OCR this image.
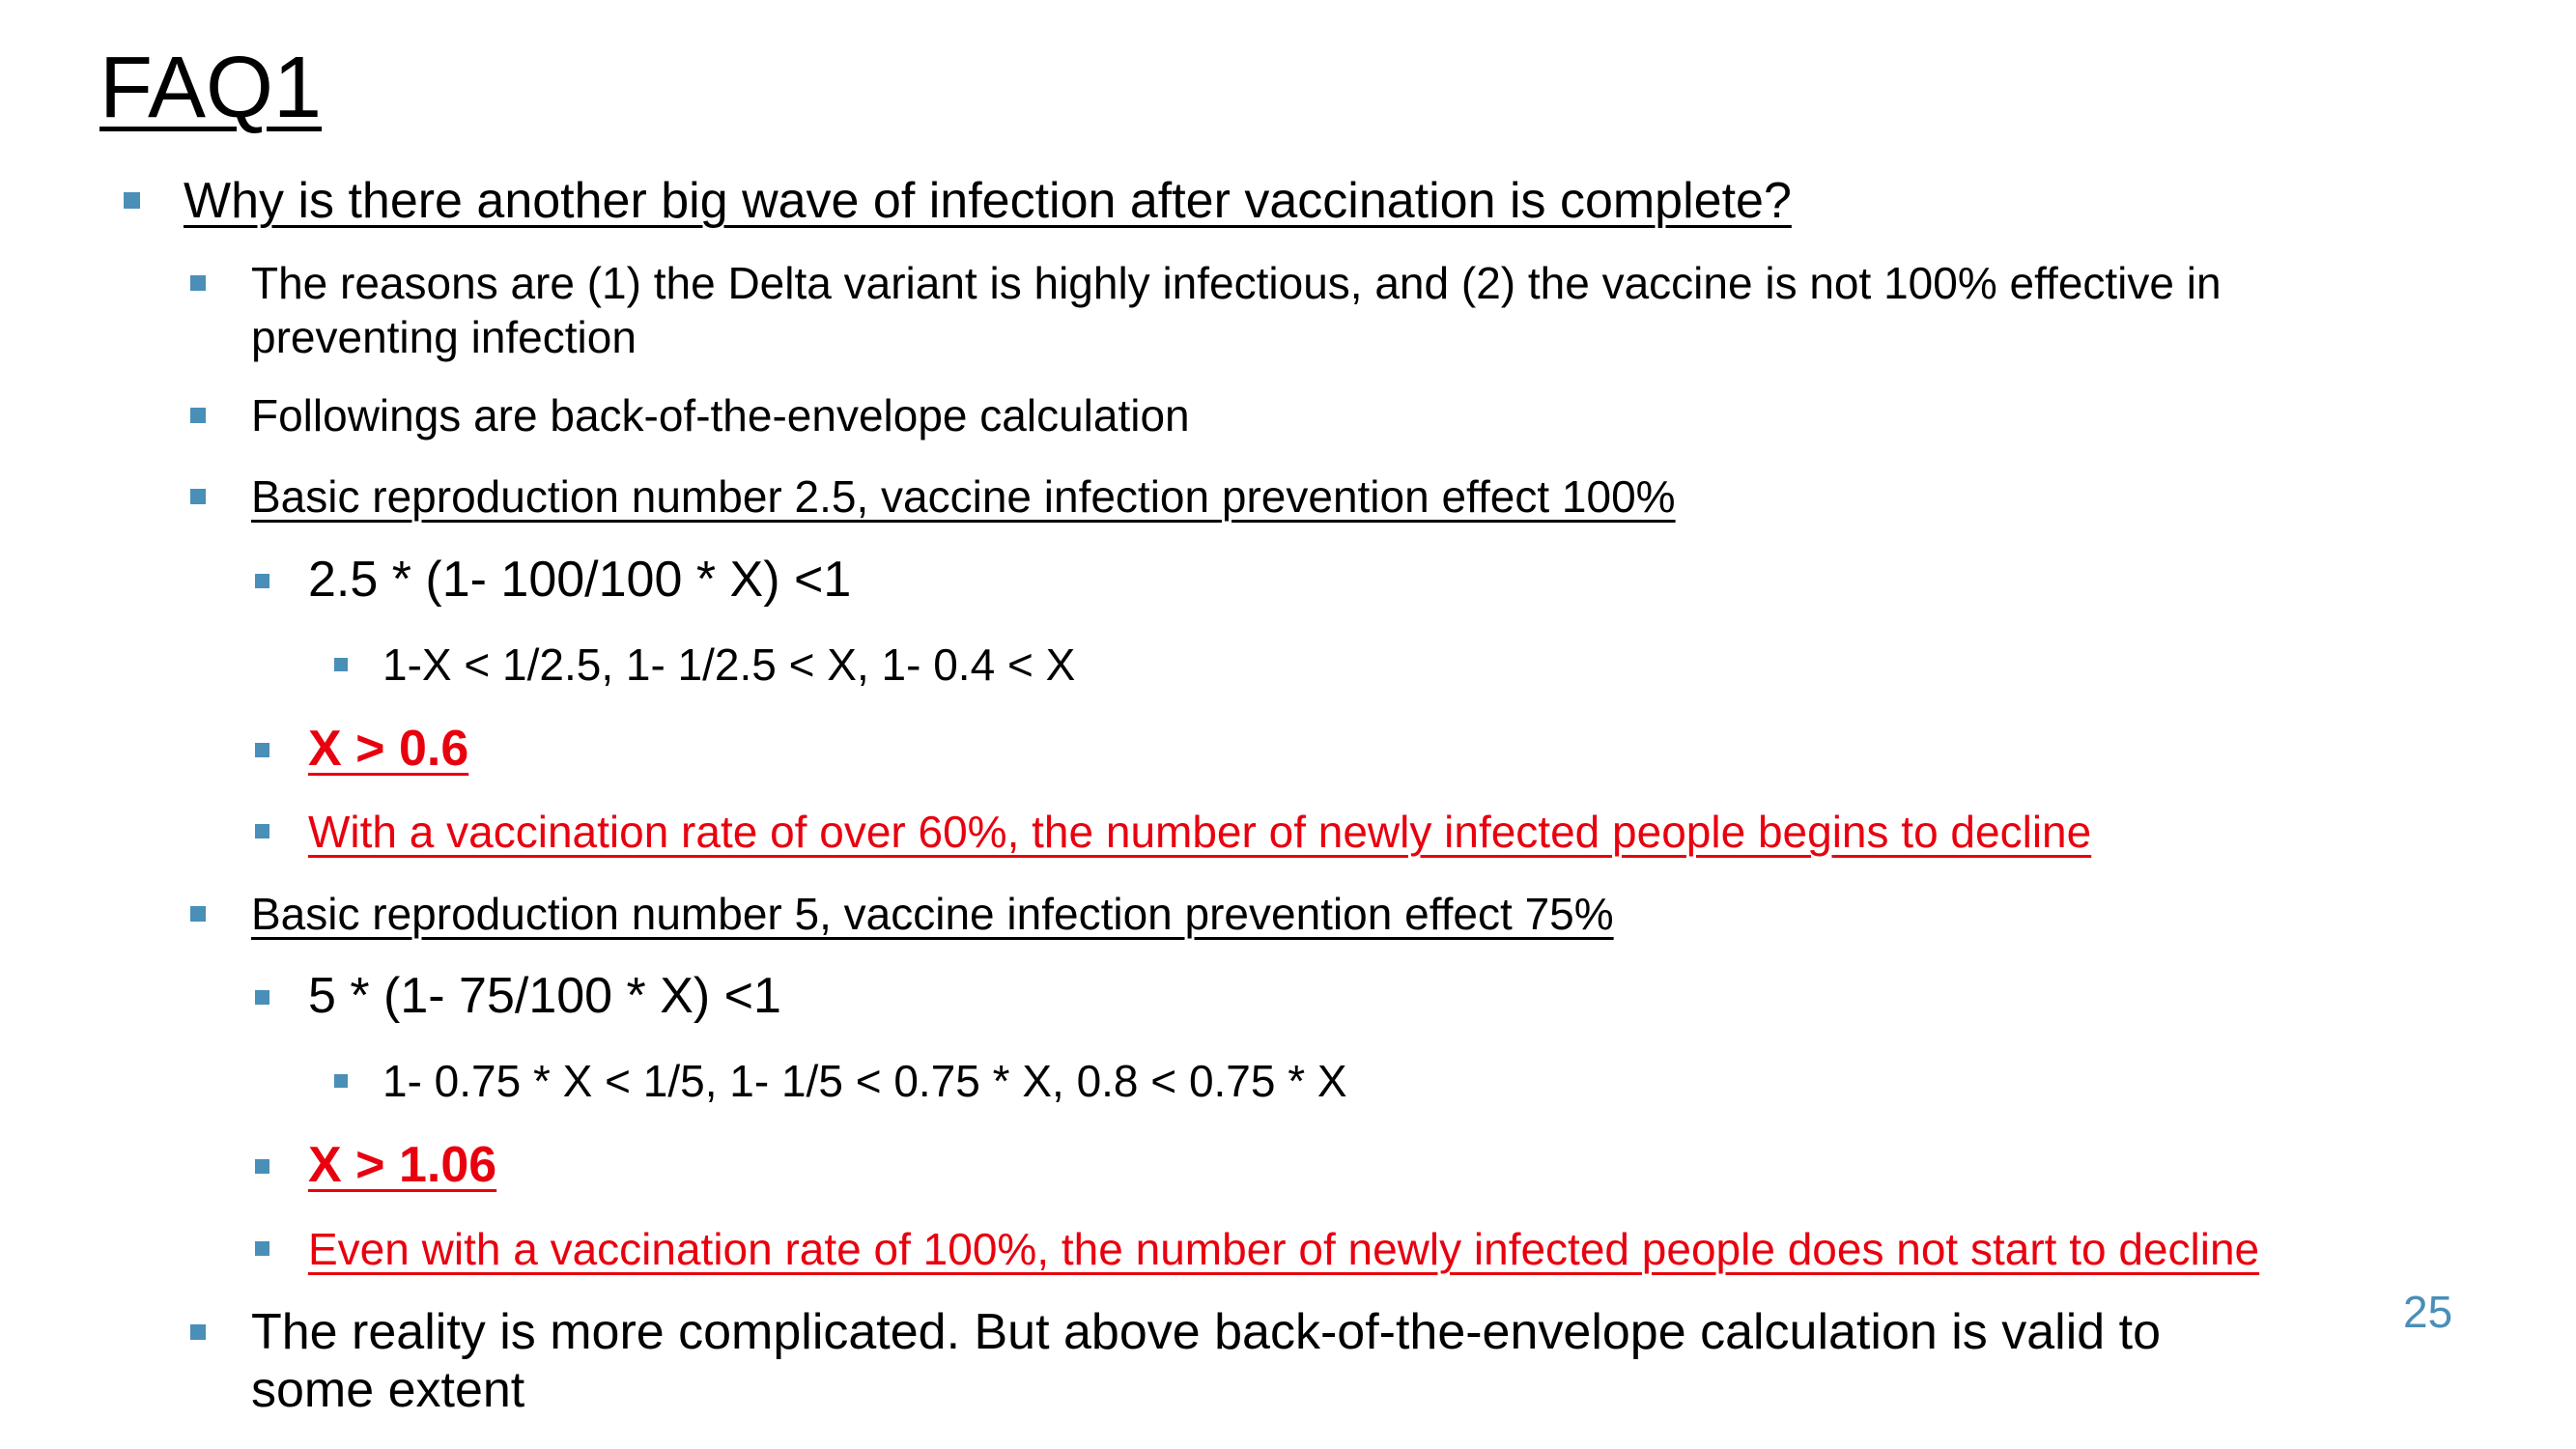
FAQ1
Why is there another big wave of infection after vaccination is complete?
The reasons are (1) the Delta variant is highly infectious, and (2) the vaccine is not 100% effective in
preventing infection
Followings are back-of-the-envelope calculation
Basic reproduction number 2.5, vaccine infection prevention effect 100%
2.5 * (1- 100/100 * X) <1
1-X < 1/2.5, 1- 1/2.5 < X, 1- 0.4 < X
X > 0.6
With a vaccination rate of over 60%, the number of newly infected people begins to decline
Basic reproduction number 5, vaccine infection prevention effect 75%
5 * (1- 75/100 * X) <1
1- 0.75 * X < 1/5, 1- 1/5 < 0.75 * X, 0.8 < 0.75 * X
X > 1.06
Even with a vaccination rate of 100%, the number of newly infected people does not start to decline
The reality is more complicated. But above back-of-the-envelope calculation is valid to
some extent
25
